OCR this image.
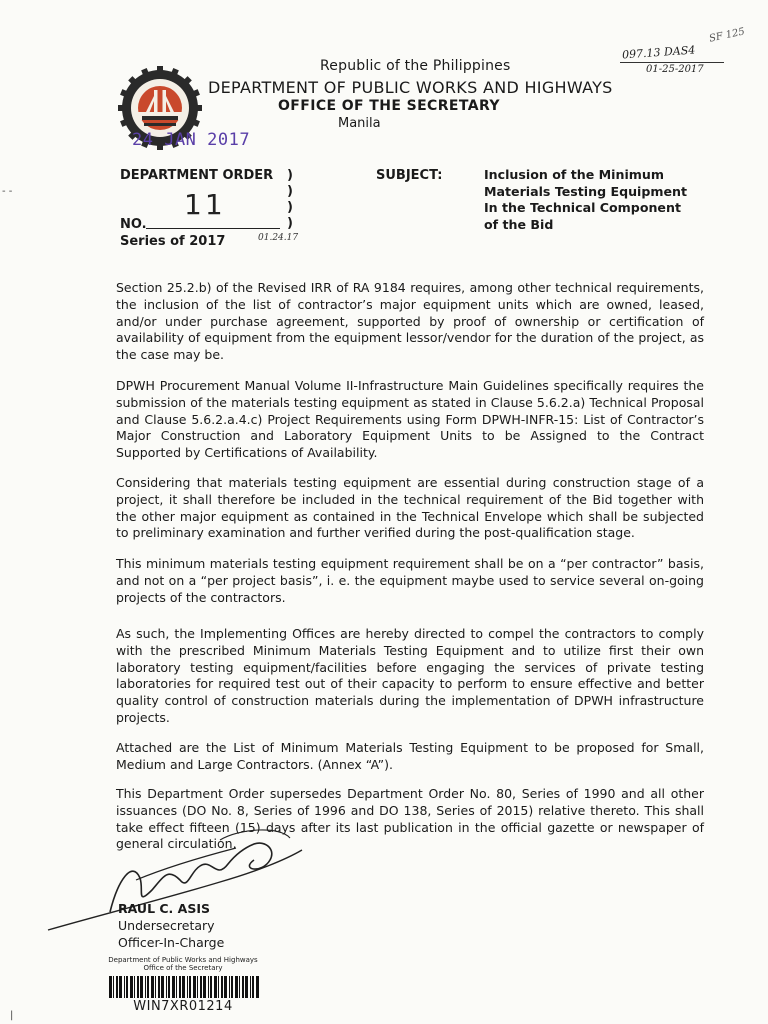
Republic of the Philippines
DEPARTMENT OF PUBLIC WORKS AND HIGHWAYS
OFFICE OF THE SECRETARY
Manila
24 JAN 2017
097.13 DAS4
01-25-2017
SF 125
DEPARTMENT ORDER )
)
)
)
11
NO.
Series of 2017	01.24.17
SUBJECT:	Inclusion of the Minimum
Materials Testing Equipment
In the Technical Component
of the Bid
Section 25.2.b) of the Revised IRR of RA 9184 requires, among other technical requirements, the inclusion of the list of contractor’s major equipment units which are owned, leased, and/or under purchase agreement, supported by proof of ownership or certification of availability of equipment from the equipment lessor/vendor for the duration of the project, as the case may be.
DPWH Procurement Manual Volume II-Infrastructure Main Guidelines specifically requires the submission of the materials testing equipment as stated in Clause 5.6.2.a) Technical Proposal and Clause 5.6.2.a.4.c) Project Requirements using Form DPWH-INFR-15: List of Contractor’s Major Construction and Laboratory Equipment Units to be Assigned to the Contract Supported by Certifications of Availability.
Considering that materials testing equipment are essential during construction stage of a project, it shall therefore be included in the technical requirement of the Bid together with the other major equipment as contained in the Technical Envelope which shall be subjected to preliminary examination and further verified during the post-qualification stage.
This minimum materials testing equipment requirement shall be on a “per contractor” basis, and not on a “per project basis”, i. e. the equipment maybe used to service several on-going projects of the contractors.
As such, the Implementing Offices are hereby directed to compel the contractors to comply with the prescribed Minimum Materials Testing Equipment and to utilize first their own laboratory testing equipment/facilities before engaging the services of private testing laboratories for required test out of their capacity to perform to ensure effective and better quality control of construction materials during the implementation of DPWH infrastructure projects.
Attached are the List of Minimum Materials Testing Equipment to be proposed for Small, Medium and Large Contractors. (Annex “A”).
This Department Order supersedes Department Order No. 80, Series of 1990 and all other issuances (DO No. 8, Series of 1996 and DO 138, Series of 2015) relative thereto. This shall take effect fifteen (15) days after its last publication in the official gazette or newspaper of general circulation.
RAUL C. ASIS
Undersecretary
Officer-In-Charge
Department of Public Works and Highways
Office of the Secretary
WIN7XR01214
- -
|
